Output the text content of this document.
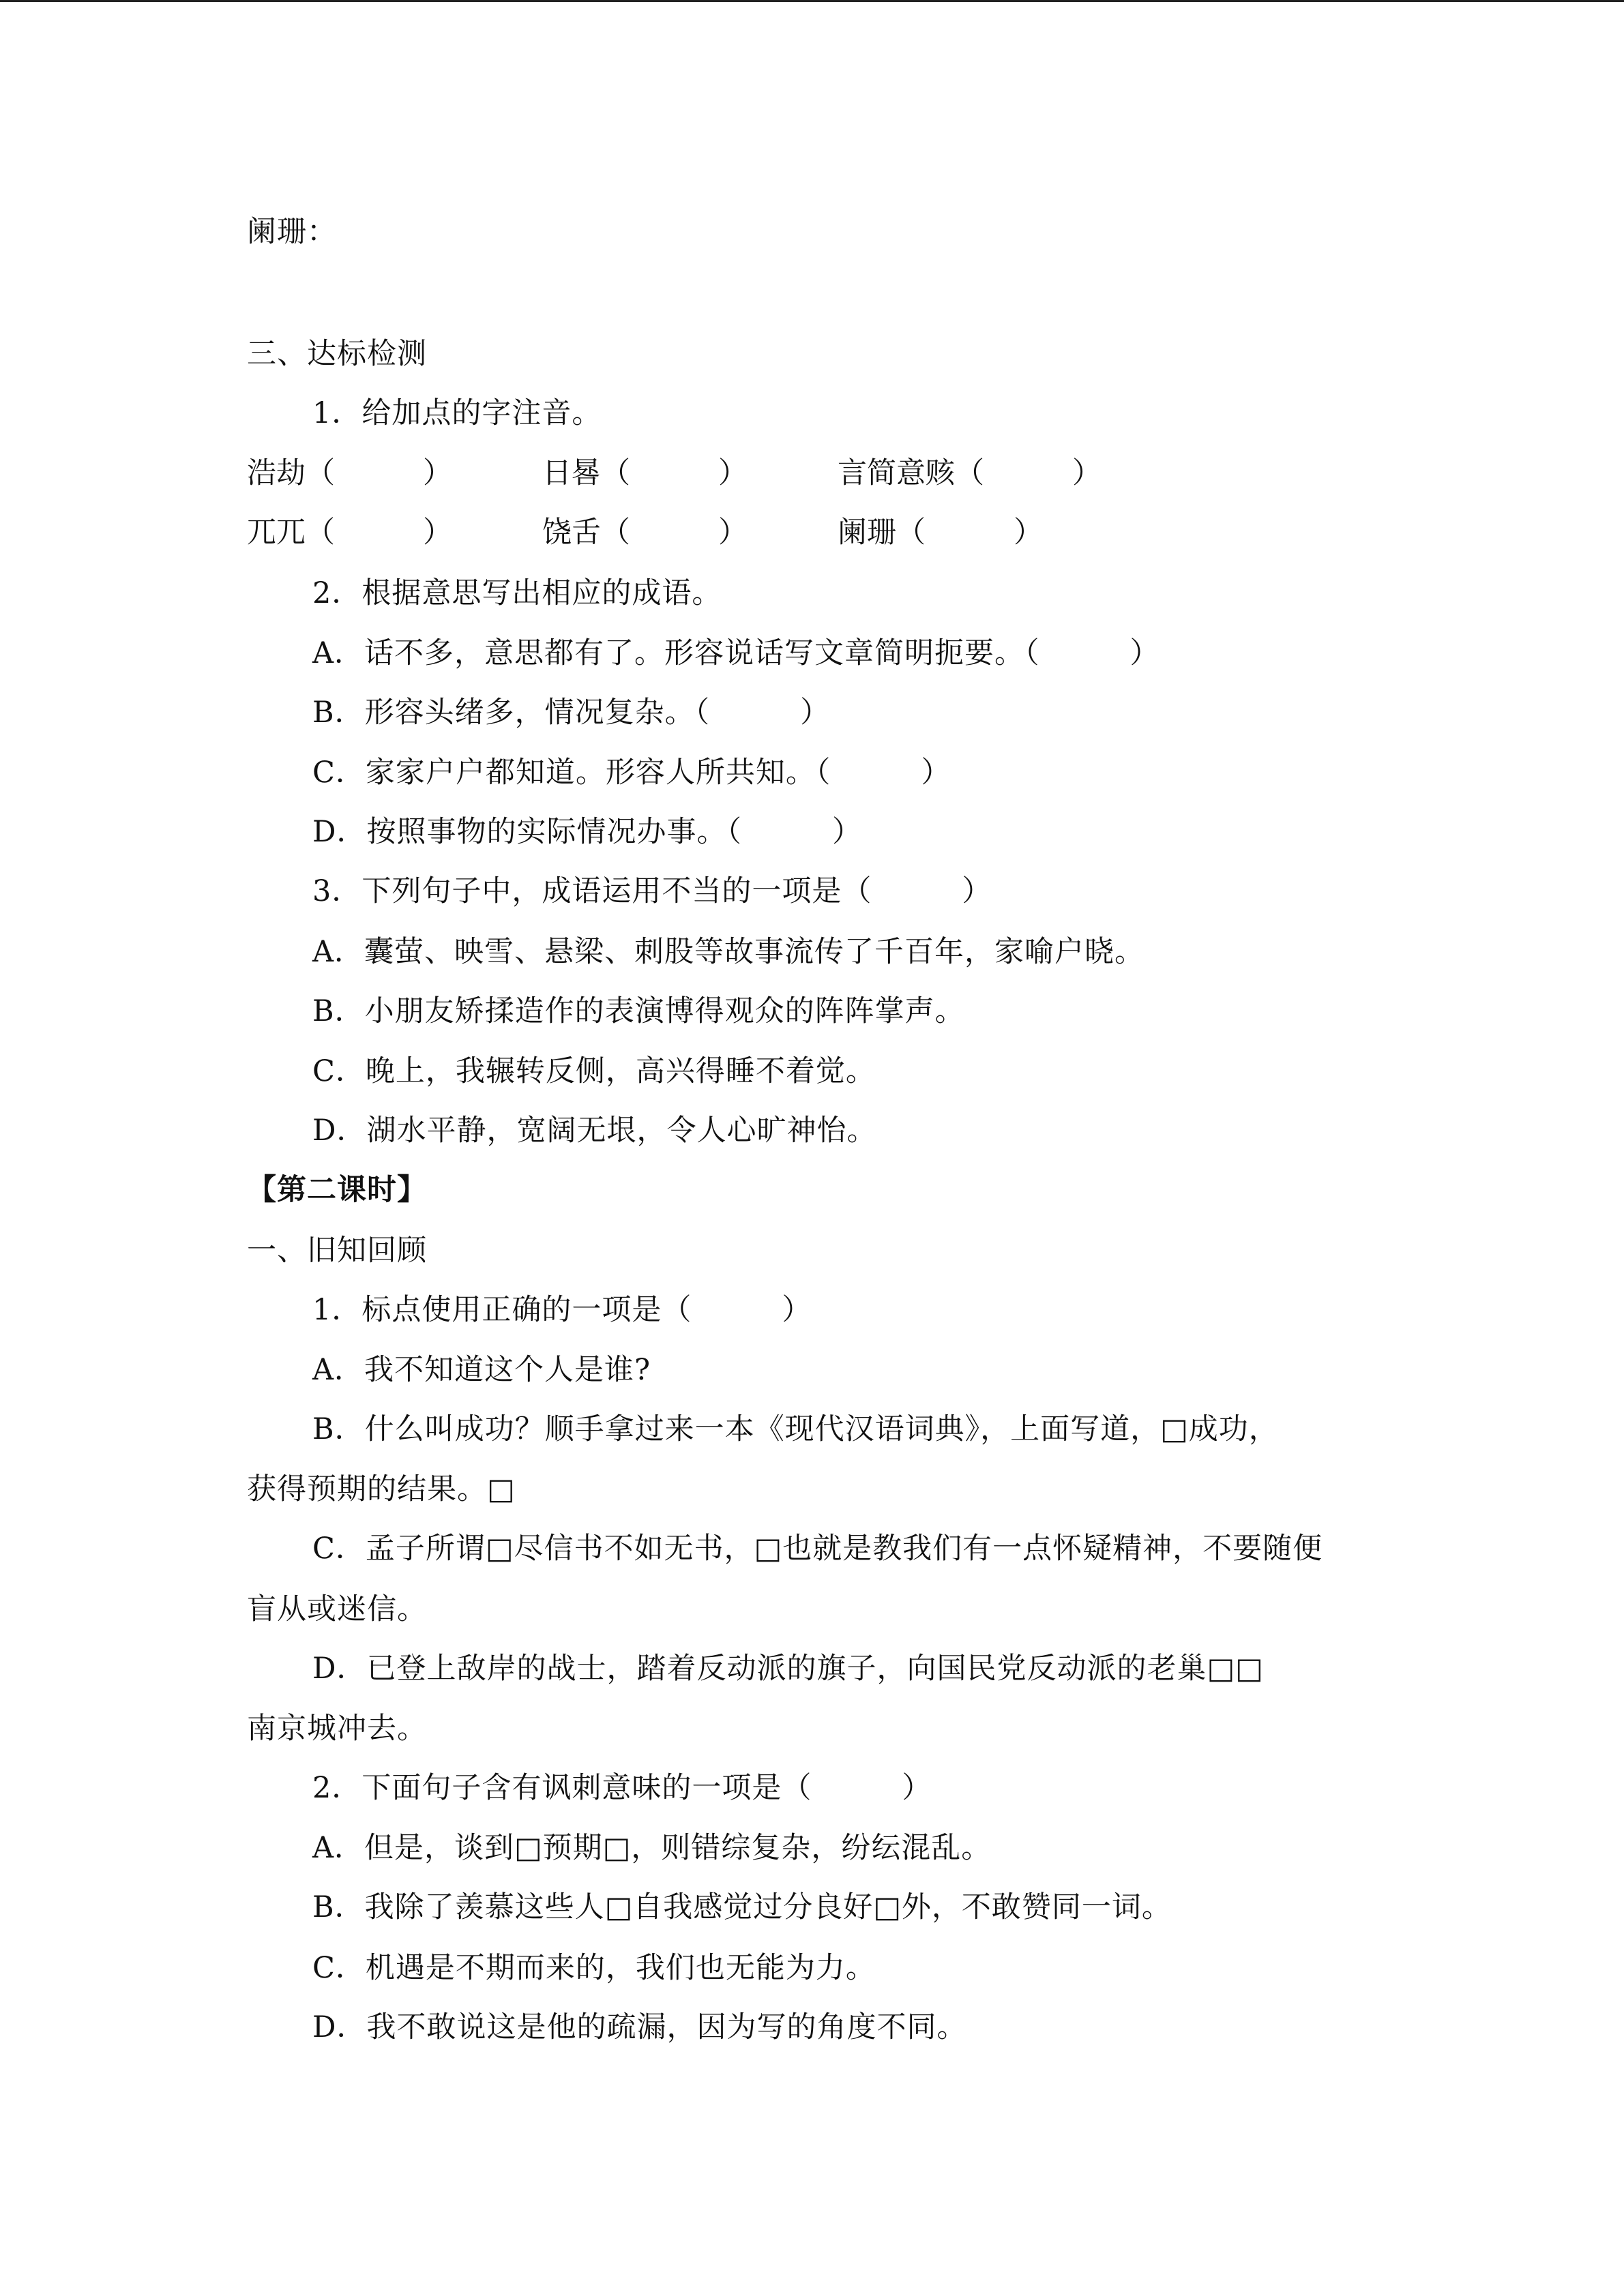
阑珊：
三、达标检测
1．给加点的字注音。
浩劫（　　　）	日晷（　　　）	言简意赅（　　　）
兀兀（　　　）	饶舌（　　　）	阑珊（　　　）
2．根据意思写出相应的成语。
A．话不多，意思都有了。形容说话写文章简明扼要。（　　　）
B．形容头绪多，情况复杂。（　　　）
C．家家户户都知道。形容人所共知。（　　　）
D．按照事物的实际情况办事。（　　　）
3．下列句子中，成语运用不当的一项是（　　　）
A．囊萤、映雪、悬梁、刺股等故事流传了千百年，家喻户晓。
B．小朋友矫揉造作的表演博得观众的阵阵掌声。
C．晚上，我辗转反侧，高兴得睡不着觉。
D．湖水平静，宽阔无垠，令人心旷神怡。
【第二课时】
一、旧知回顾
1．标点使用正确的一项是（　　　）
A．我不知道这个人是谁?
B．什么叫成功？顺手拿过来一本《现代汉语词典》，上面写道，□成功，
获得预期的结果。□
C．孟子所谓□尽信书不如无书，□也就是教我们有一点怀疑精神，不要随便
盲从或迷信。
D．已登上敌岸的战士，踏着反动派的旗子，向国民党反动派的老巢□□
南京城冲去。
2．下面句子含有讽刺意味的一项是（　　　）
A．但是，谈到□预期□，则错综复杂，纷纭混乱。
B．我除了羡慕这些人□自我感觉过分良好□外，不敢赞同一词。
C．机遇是不期而来的，我们也无能为力。
D．我不敢说这是他的疏漏，因为写的角度不同。
